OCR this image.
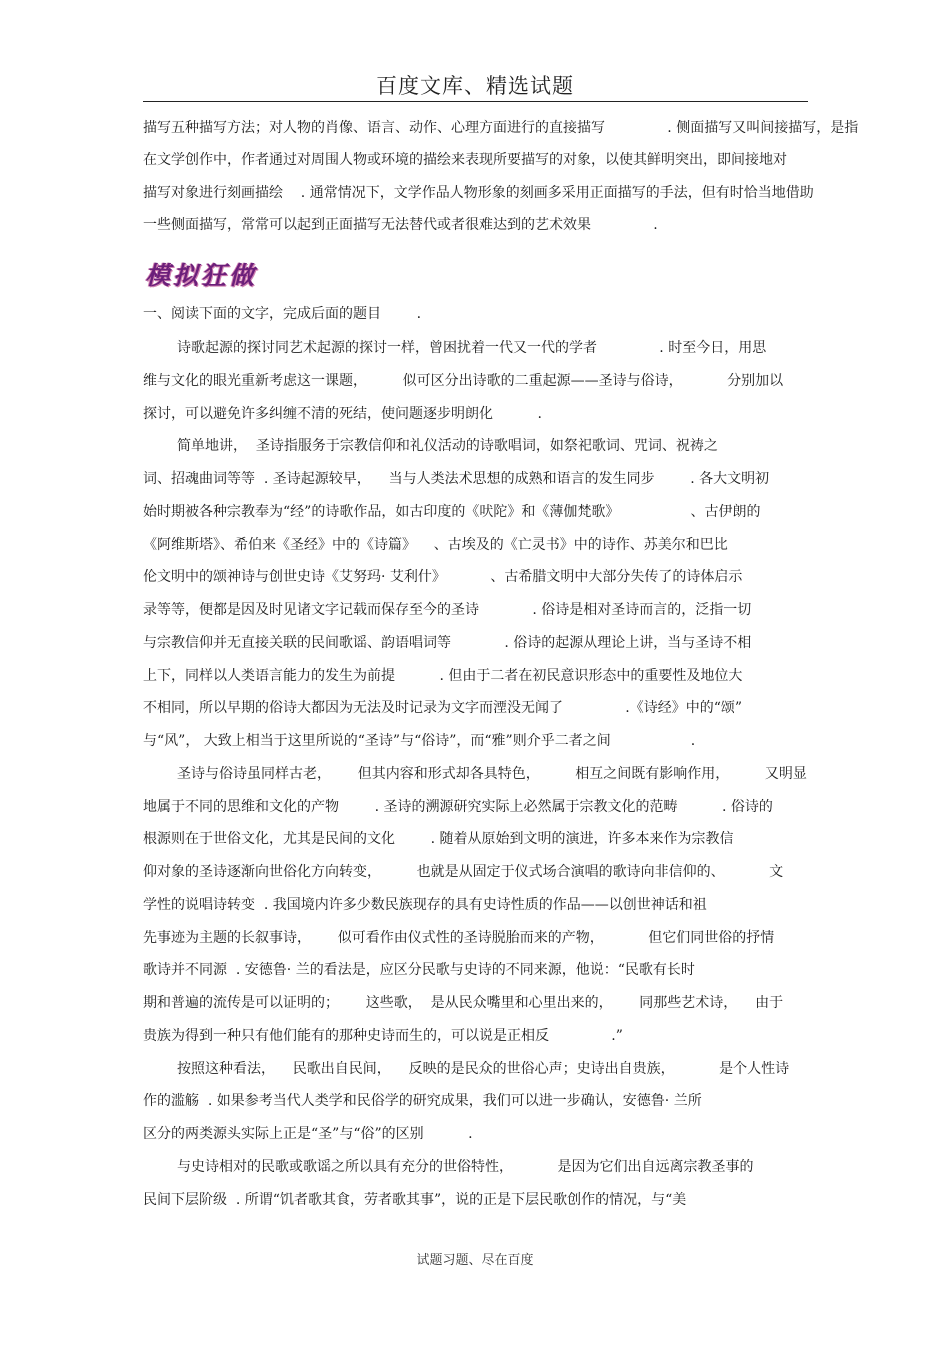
百度文库、精选试题
描写五种描写方法；对人物的肖像、语言、动作、心理方面进行的直接描写              . 侧面描写又叫间接描写，是指
在文学创作中，作者通过对周围人物或环境的描绘来表现所要描写的对象，以使其鲜明突出，即间接地对
描写对象进行刻画描绘    . 通常情况下，文学作品人物形象的刻画多采用正面描写的手法，但有时恰当地借助
一些侧面描写，常常可以起到正面描写无法替代或者很难达到的艺术效果              .
模拟狂做
一、阅读下面的文字，完成后面的题目        .
诗歌起源的探讨同艺术起源的探讨一样，曾困扰着一代又一代的学者              . 时至今日，用思
维与文化的眼光重新考虑这一课题，        似可区分出诗歌的二重起源——圣诗与俗诗，          分别加以
探讨，可以避免许多纠缠不清的死结，使问题逐步明朗化          .
简单地讲，  圣诗指服务于宗教信仰和礼仪活动的诗歌唱词，如祭祀歌词、咒词、祝祷之
词、招魂曲词等等  . 圣诗起源较早，    当与人类法术思想的成熟和语言的发生同步        . 各大文明初
始时期被各种宗教奉为“经”的诗歌作品，如古印度的《吠陀》和《薄伽梵歌》                、古伊朗的
《阿维斯塔》、希伯来《圣经》中的《诗篇》    、古埃及的《亡灵书》中的诗作、苏美尔和巴比
伦文明中的颂神诗与创世史诗《艾努玛· 艾利什》          、古希腊文明中大部分失传了的诗体启示
录等等，便都是因及时见诸文字记载而保存至今的圣诗            . 俗诗是相对圣诗而言的，泛指一切
与宗教信仰并无直接关联的民间歌谣、韵语唱词等            . 俗诗的起源从理论上讲，当与圣诗不相
上下，同样以人类语言能力的发生为前提          . 但由于二者在初民意识形态中的重要性及地位大
不相同，所以早期的俗诗大都因为无法及时记录为文字而湮没无闻了              .《诗经》中的“颂”
与“风”， 大致上相当于这里所说的“圣诗”与“俗诗”，而“雅”则介乎二者之间                  .
圣诗与俗诗虽同样古老，      但其内容和形式却各具特色，        相互之间既有影响作用，        又明显
地属于不同的思维和文化的产物        . 圣诗的溯源研究实际上必然属于宗教文化的范畴          . 俗诗的
根源则在于世俗文化，尤其是民间的文化        . 随着从原始到文明的演进，许多本来作为宗教信
仰对象的圣诗逐渐向世俗化方向转变，        也就是从固定于仪式场合演唱的歌诗向非信仰的、          文
学性的说唱诗转变  . 我国境内许多少数民族现存的具有史诗性质的作品——以创世神话和祖
先事迹为主题的长叙事诗，      似可看作由仪式性的圣诗脱胎而来的产物，          但它们同世俗的抒情
歌诗并不同源  . 安德鲁· 兰的看法是，应区分民歌与史诗的不同来源，他说：“民歌有长时
期和普遍的流传是可以证明的；      这些歌，  是从民众嘴里和心里出来的，      同那些艺术诗，    由于
贵族为得到一种只有他们能有的那种史诗而生的，可以说是正相反              .”
按照这种看法，    民歌出自民间，    反映的是民众的世俗心声；史诗出自贵族，          是个人性诗
作的滥觞  . 如果参考当代人类学和民俗学的研究成果，我们可以进一步确认，安德鲁· 兰所
区分的两类源头实际上正是“圣”与“俗”的区别          .
与史诗相对的民歌或歌谣之所以具有充分的世俗特性，          是因为它们出自远离宗教圣事的
民间下层阶级  . 所谓“饥者歌其食，劳者歌其事”，说的正是下层民歌创作的情况，与“美
试题习题、尽在百度
